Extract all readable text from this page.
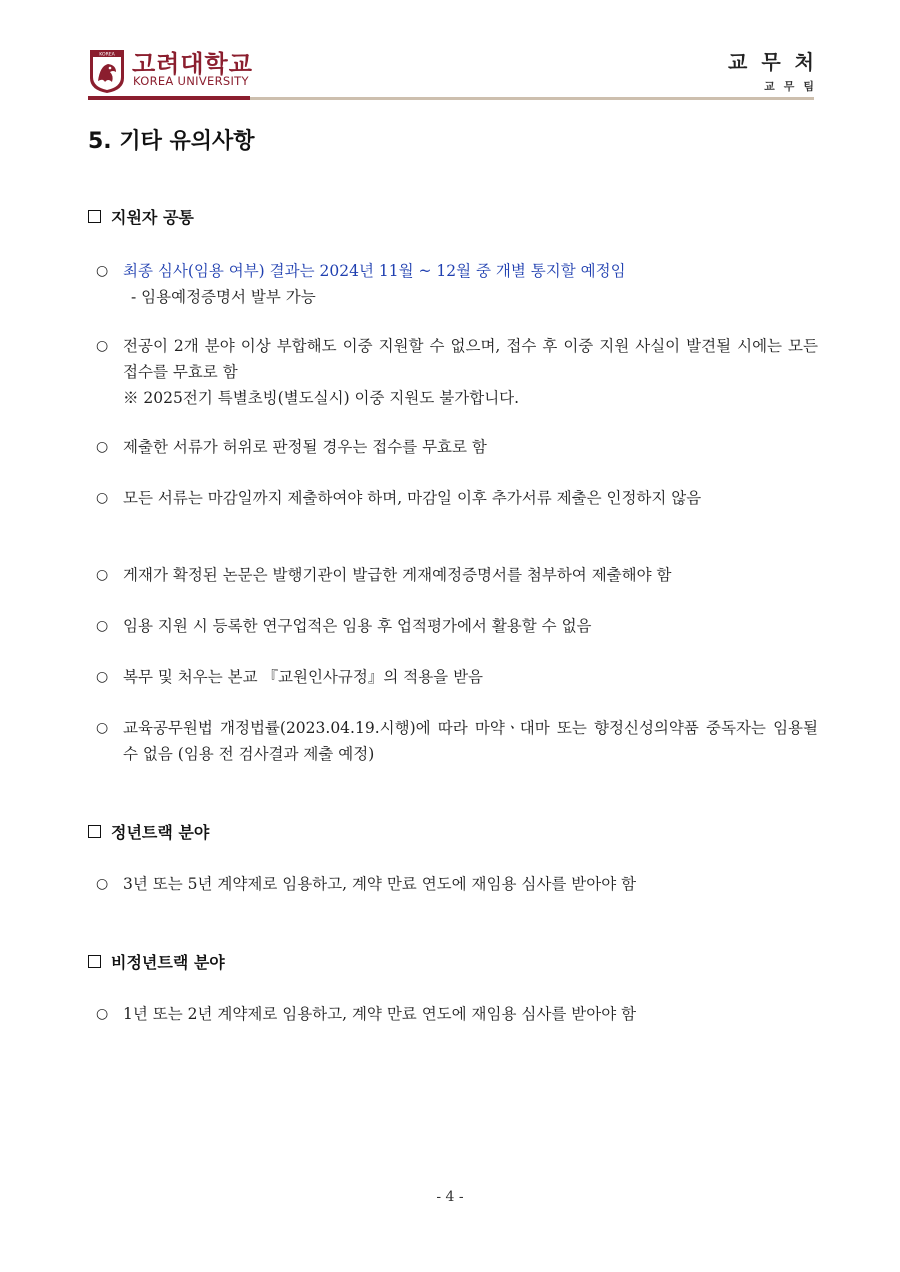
KOREA 고려대학교
KOREA UNIVERSITY
교무처
교무팀
5. 기타 유의사항
지원자 공통
○ 최종 심사(임용 여부) 결과는 2024년 11월 ~ 12월 중 개별 통지할 예정임
- 임용예정증명서 발부 가능
○ 전공이 2개 분야 이상 부합해도 이중 지원할 수 없으며, 접수 후 이중 지원 사실이 발견될 시에는 모든 접수를 무효로 함
※ 2025전기 특별초빙(별도실시) 이중 지원도 불가합니다.
○ 제출한 서류가 허위로 판정될 경우는 접수를 무효로 함
○ 모든 서류는 마감일까지 제출하여야 하며, 마감일 이후 추가서류 제출은 인정하지 않음
○ 게재가 확정된 논문은 발행기관이 발급한 게재예정증명서를 첨부하여 제출해야 함
○ 임용 지원 시 등록한 연구업적은 임용 후 업적평가에서 활용할 수 없음
○ 복무 및 처우는 본교 『교원인사규정』의 적용을 받음
○ 교육공무원법 개정법률(2023.04.19.시행)에 따라 마약ㆍ대마 또는 향정신성의약품 중독자는 임용될 수 없음 (임용 전 검사결과 제출 예정)
정년트랙 분야
○ 3년 또는 5년 계약제로 임용하고, 계약 만료 연도에 재임용 심사를 받아야 함
비정년트랙 분야
○ 1년 또는 2년 계약제로 임용하고, 계약 만료 연도에 재임용 심사를 받아야 함
- 4 -
